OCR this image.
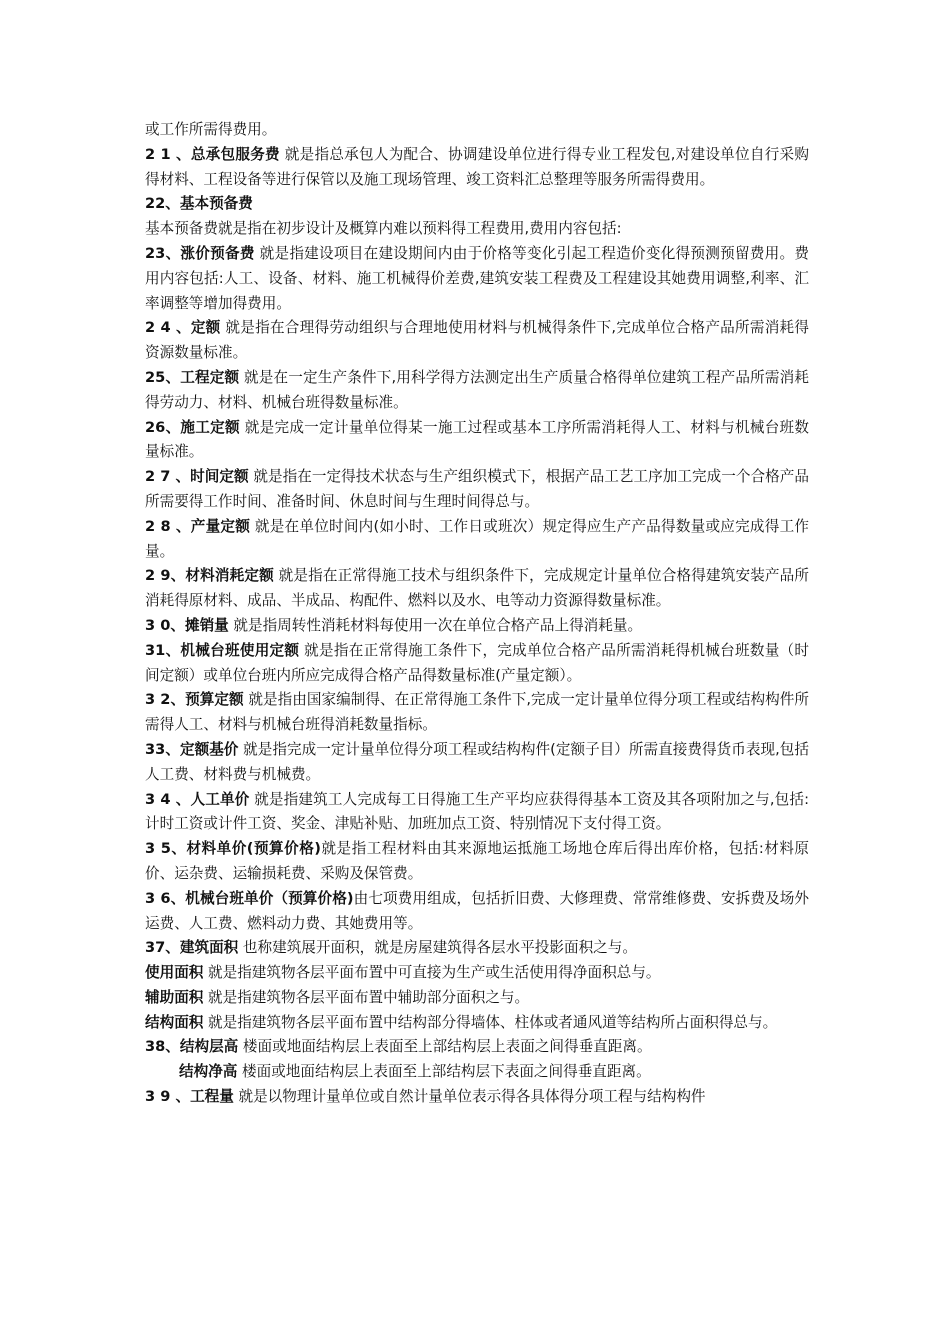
或工作所需得费用。

2 1 、总承包服务费 就是指总承包人为配合、协调建设单位进行得专业工程发包,对建设单位自行采购得材料、工程设备等进行保管以及施工现场管理、竣工资料汇总整理等服务所需得费用。

22、基本预备费

基本预备费就是指在初步设计及概算内难以预料得工程费用,费用内容包括:

23、涨价预备费 就是指建设项目在建设期间内由于价格等变化引起工程造价变化得预测预留费用。费用内容包括:人工、设备、材料、施工机械得价差费,建筑安装工程费及工程建设其她费用调整,利率、汇率调整等增加得费用。

2 4 、定额 就是指在合理得劳动组织与合理地使用材料与机械得条件下,完成单位合格产品所需消耗得资源数量标准。

25、工程定额 就是在一定生产条件下,用科学得方法测定出生产质量合格得单位建筑工程产品所需消耗得劳动力、材料、机械台班得数量标准。

26、施工定额 就是完成一定计量单位得某一施工过程或基本工序所需消耗得人工、材料与机械台班数量标准。

2 7 、时间定额 就是指在一定得技术状态与生产组织模式下，根据产品工艺工序加工完成一个合格产品所需要得工作时间、准备时间、休息时间与生理时间得总与。

2 8 、产量定额 就是在单位时间内(如小时、工作日或班次）规定得应生产产品得数量或应完成得工作量。

2 9、材料消耗定额 就是指在正常得施工技术与组织条件下，完成规定计量单位合格得建筑安装产品所消耗得原材料、成品、半成品、构配件、燃料以及水、电等动力资源得数量标准。

3 0、摊销量 就是指周转性消耗材料每使用一次在单位合格产品上得消耗量。

31、机械台班使用定额 就是指在正常得施工条件下，完成单位合格产品所需消耗得机械台班数量（时间定额）或单位台班内所应完成得合格产品得数量标准(产量定额）。

3 2、预算定额 就是指由国家编制得、在正常得施工条件下,完成一定计量单位得分项工程或结构构件所需得人工、材料与机械台班得消耗数量指标。

33、定额基价 就是指完成一定计量单位得分项工程或结构构件(定额子目）所需直接费得货币表现,包括人工费、材料费与机械费。

3 4 、人工单价 就是指建筑工人完成每工日得施工生产平均应获得得基本工资及其各项附加之与,包括:计时工资或计件工资、奖金、津贴补贴、加班加点工资、特别情况下支付得工资。

3 5、材料单价(预算价格)就是指工程材料由其来源地运抵施工场地仓库后得出库价格，包括:材料原价、运杂费、运输损耗费、采购及保管费。

3 6、机械台班单价（预算价格)由七项费用组成，包括折旧费、大修理费、常常维修费、安拆费及场外运费、人工费、燃料动力费、其她费用等。

37、建筑面积 也称建筑展开面积，就是房屋建筑得各层水平投影面积之与。

使用面积 就是指建筑物各层平面布置中可直接为生产或生活使用得净面积总与。

辅助面积 就是指建筑物各层平面布置中辅助部分面积之与。

结构面积 就是指建筑物各层平面布置中结构部分得墙体、柱体或者通风道等结构所占面积得总与。

38、结构层高 楼面或地面结构层上表面至上部结构层上表面之间得垂直距离。

结构净高 楼面或地面结构层上表面至上部结构层下表面之间得垂直距离。

3 9 、工程量 就是以物理计量单位或自然计量单位表示得各具体得分项工程与结构构件
